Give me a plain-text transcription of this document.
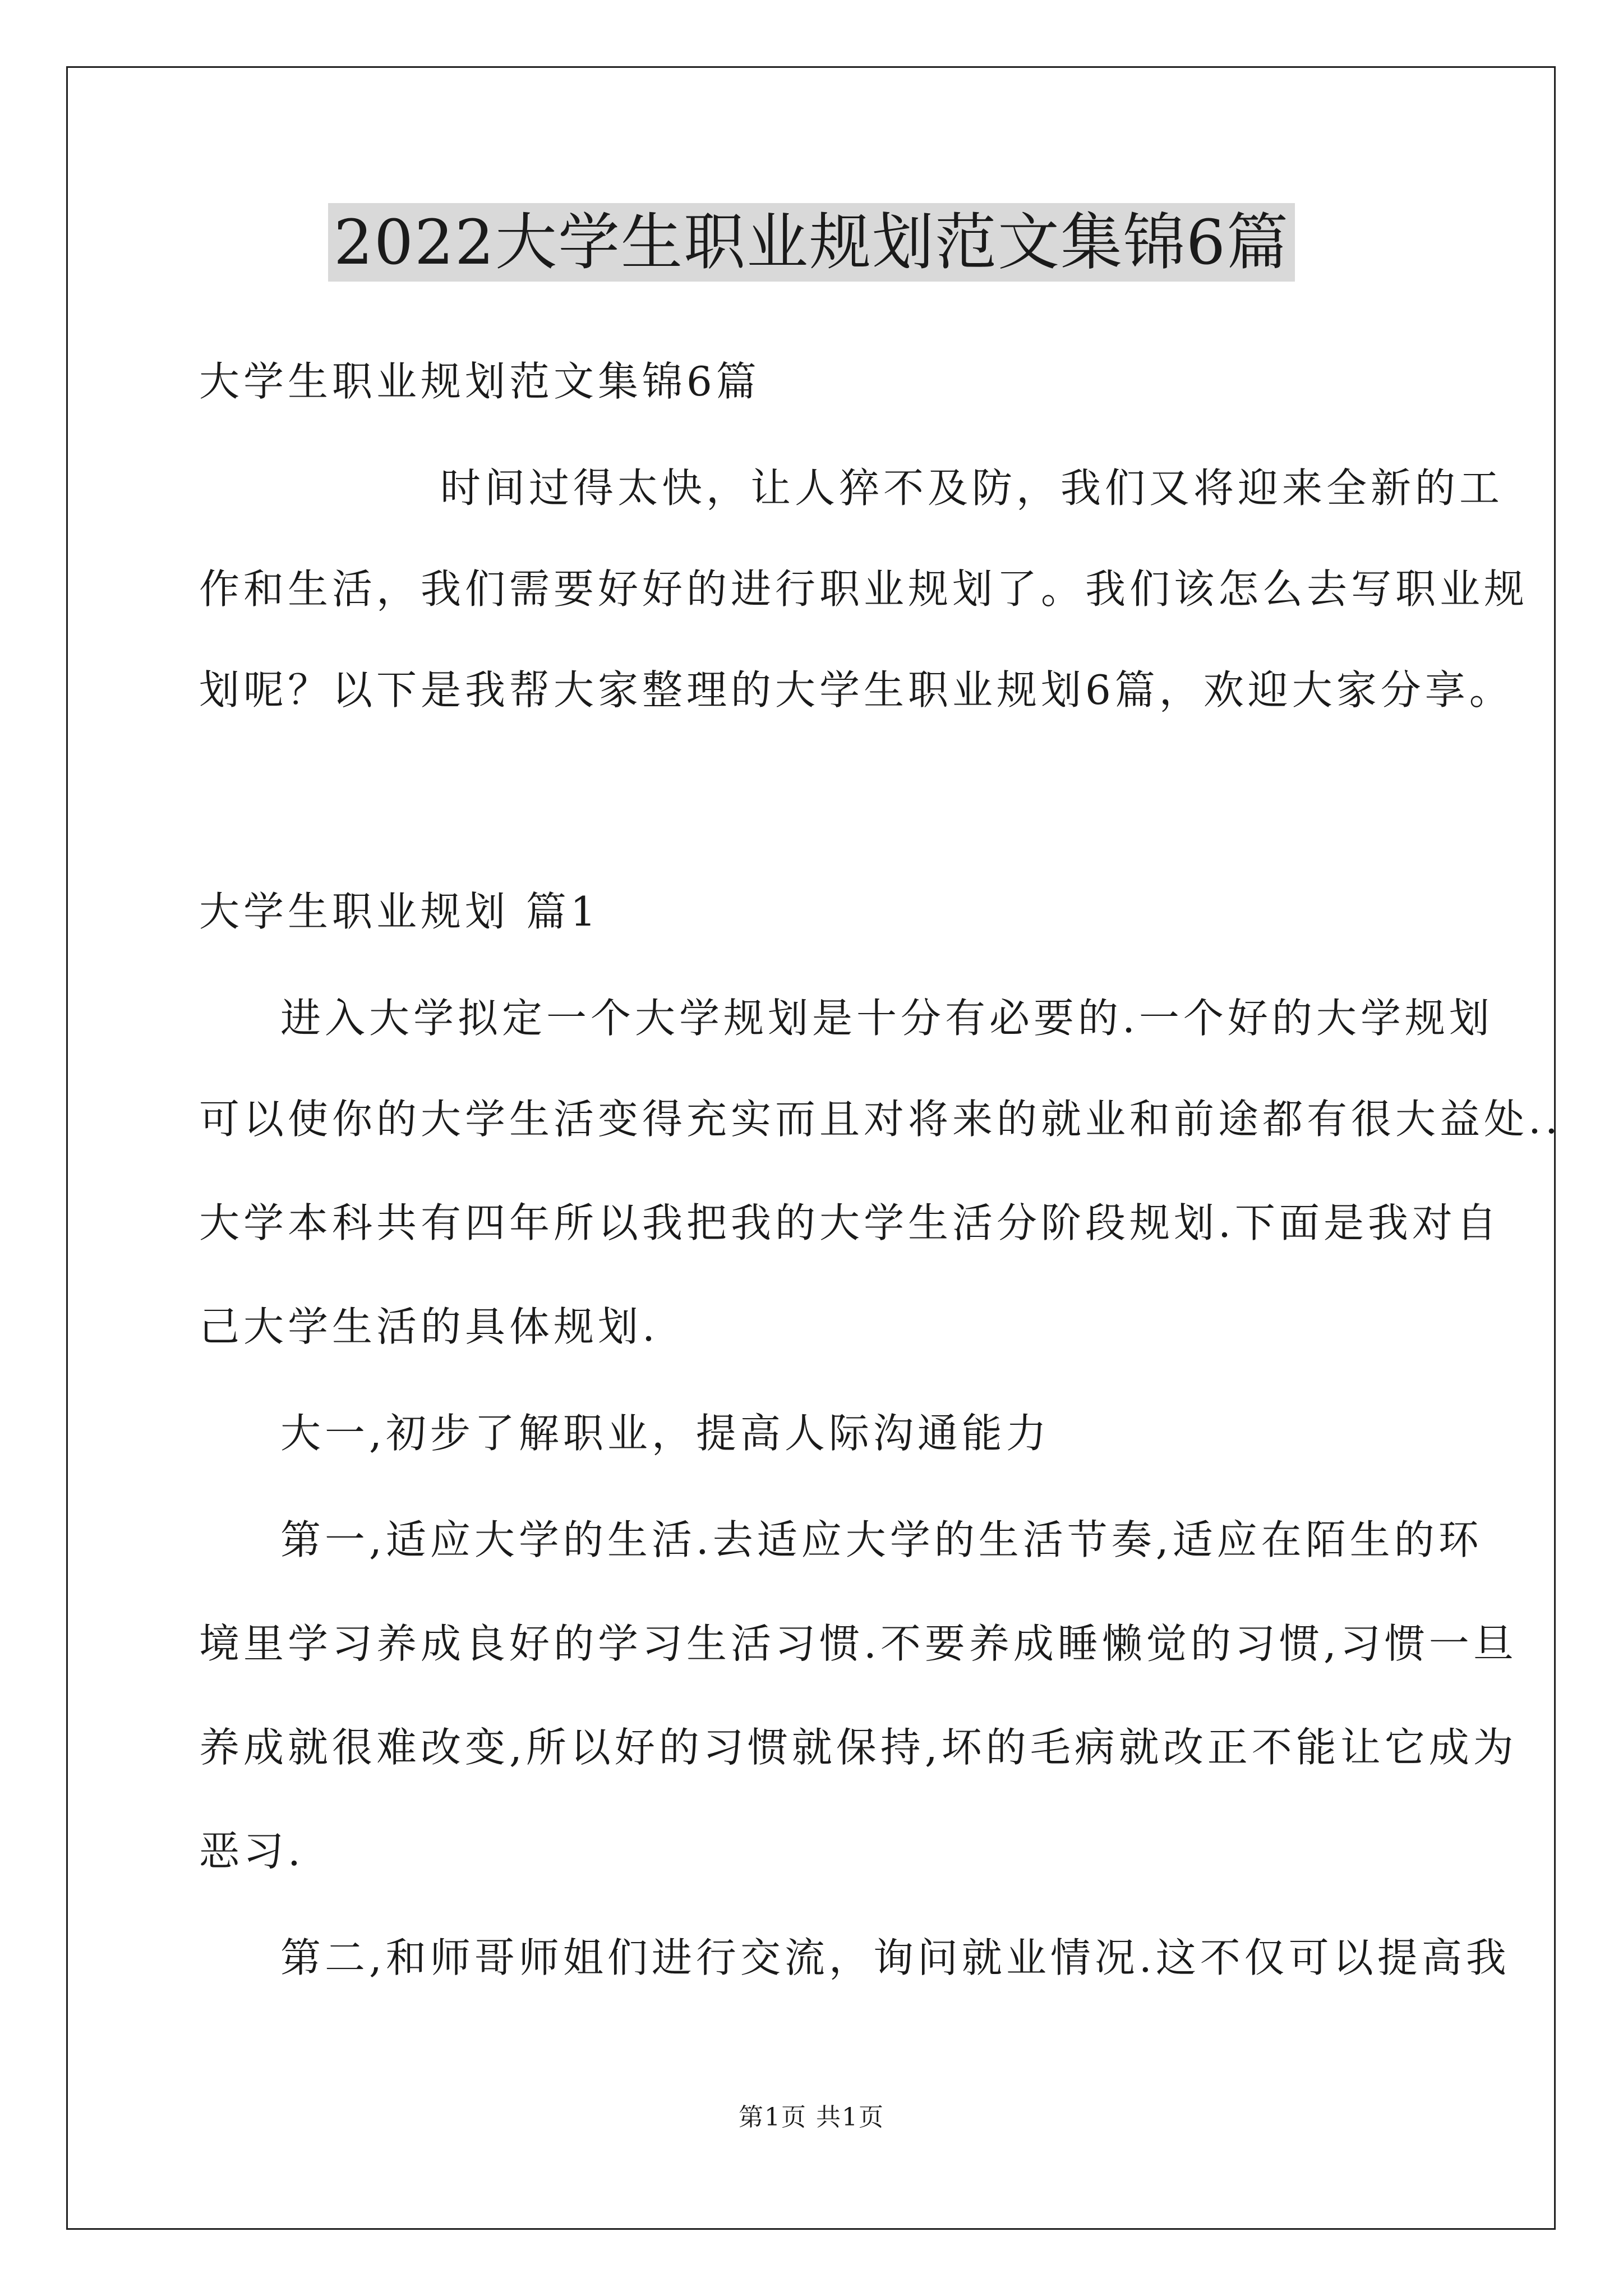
2022大学生职业规划范文集锦6篇
大学生职业规划范文集锦6篇
时间过得太快，让人猝不及防，我们又将迎来全新的工
作和生活，我们需要好好的进行职业规划了。我们该怎么去写职业规
划呢？以下是我帮大家整理的大学生职业规划6篇，欢迎大家分享。
大学生职业规划 篇1
进入大学拟定一个大学规划是十分有必要的.一个好的大学规划
可以使你的大学生活变得充实而且对将来的就业和前途都有很大益处..
大学本科共有四年所以我把我的大学生活分阶段规划.下面是我对自
己大学生活的具体规划.
大一,初步了解职业，提高人际沟通能力
第一,适应大学的生活.去适应大学的生活节奏,适应在陌生的环
境里学习养成良好的学习生活习惯.不要养成睡懒觉的习惯,习惯一旦
养成就很难改变,所以好的习惯就保持,坏的毛病就改正不能让它成为
恶习.
第二,和师哥师姐们进行交流，询问就业情况.这不仅可以提高我
第1页 共1页
